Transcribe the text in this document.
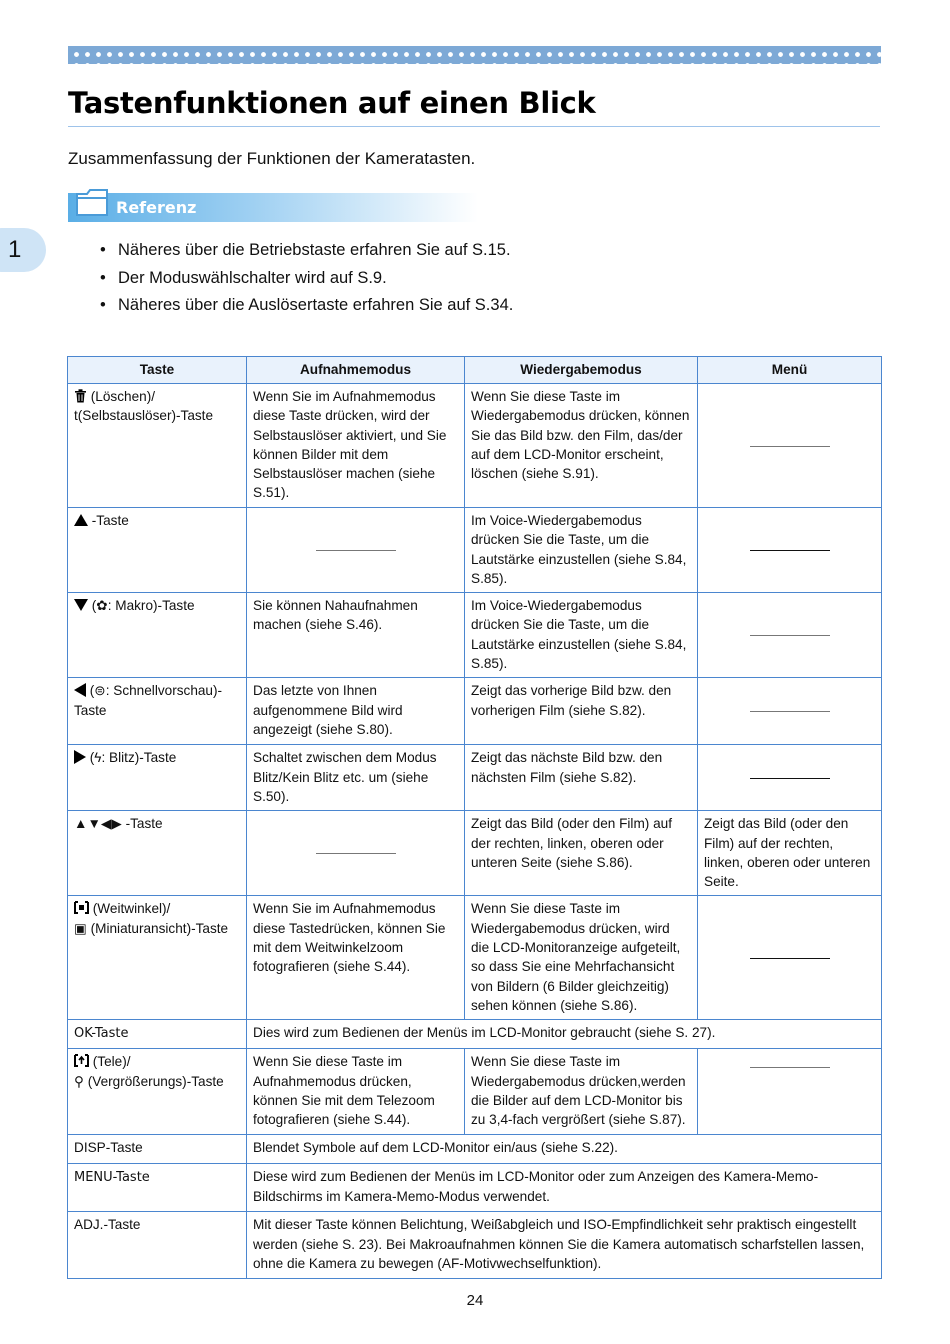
Tastenfunktionen auf einen Blick
Zusammenfassung der Funktionen der Kameratasten.
1
Referenz
• Näheres über die Betriebstaste erfahren Sie auf S.15.
• Der Moduswählschalter wird auf S.9.
• Näheres über die Auslösertaste erfahren Sie auf S.34.
Taste	Aufnahmemodus	Wiedergabemodus	Menü
(Löschen)/
t(Selbstauslöser)-Taste	Wenn Sie im Aufnahmemodus diese Taste drücken, wird der Selbstauslöser aktiviert, und Sie können Bilder mit dem Selbstauslöser machen (siehe S.51).	Wenn Sie diese Taste im Wiedergabemodus drücken, können Sie das Bild bzw. den Film, das/der auf dem LCD-Monitor erscheint, löschen (siehe S.91).	

-Taste		Im Voice-Wiedergabemodus drücken Sie die Taste, um die Lautstärke einzustellen (siehe S.84, S.85).	

(✿: Makro)-Taste	Sie können Nahaufnahmen machen (siehe S.46).	Im Voice-Wiedergabemodus drücken Sie die Taste, um die Lautstärke einzustellen (siehe S.84, S.85).	

(⊜: Schnellvorschau)-Taste	Das letzte von Ihnen aufgenommene Bild wird angezeigt (siehe S.80).	Zeigt das vorherige Bild bzw. den vorherigen Film (siehe S.82).	

(ϟ: Blitz)-Taste	Schaltet zwischen dem Modus Blitz/Kein Blitz etc. um (siehe S.50).	Zeigt das nächste Bild bzw. den nächsten Film (siehe S.82).	

▲▼◀▶ -Taste		Zeigt das Bild (oder den Film) auf der rechten, linken, oberen oder unteren Seite (siehe S.86).	Zeigt das Bild (oder den Film) auf der rechten, linken, oberen oder unteren Seite.
(Weitwinkel)/
▣ (Miniaturansicht)-Taste	Wenn Sie im Aufnahmemodus diese Tastedrücken, können Sie mit dem Weitwinkelzoom fotografieren (siehe S.44).	Wenn Sie diese Taste im Wiedergabemodus drücken, wird die LCD-Monitoranzeige aufgeteilt, so dass Sie eine Mehrfachansicht von Bildern (6 Bilder gleichzeitig) sehen können (siehe S.86).	

OK-Taste	Dies wird zum Bedienen der Menüs im LCD-Monitor gebraucht (siehe S. 27).		
(Tele)/
⚲ (Vergrößerungs)-Taste	Wenn Sie diese Taste im Aufnahmemodus drücken, können Sie mit dem Telezoom fotografieren (siehe S.44).	Wenn Sie diese Taste im Wiedergabemodus drücken,werden die Bilder auf dem LCD-Monitor bis zu 3,4-fach vergrößert (siehe S.87).	

DISP-Taste	Blendet Symbole auf dem LCD-Monitor ein/aus (siehe S.22).		
MENU-Taste	Diese wird zum Bedienen der Menüs im LCD-Monitor oder zum Anzeigen des Kamera-Memo-Bildschirms im Kamera-Memo-Modus verwendet.		
ADJ.-Taste	Mit dieser Taste können Belichtung, Weißabgleich und ISO-Empfindlichkeit sehr praktisch eingestellt werden (siehe S. 23). Bei Makroaufnahmen können Sie die Kamera automatisch scharfstellen lassen, ohne die Kamera zu bewegen (AF-Motivwechselfunktion).		
24
